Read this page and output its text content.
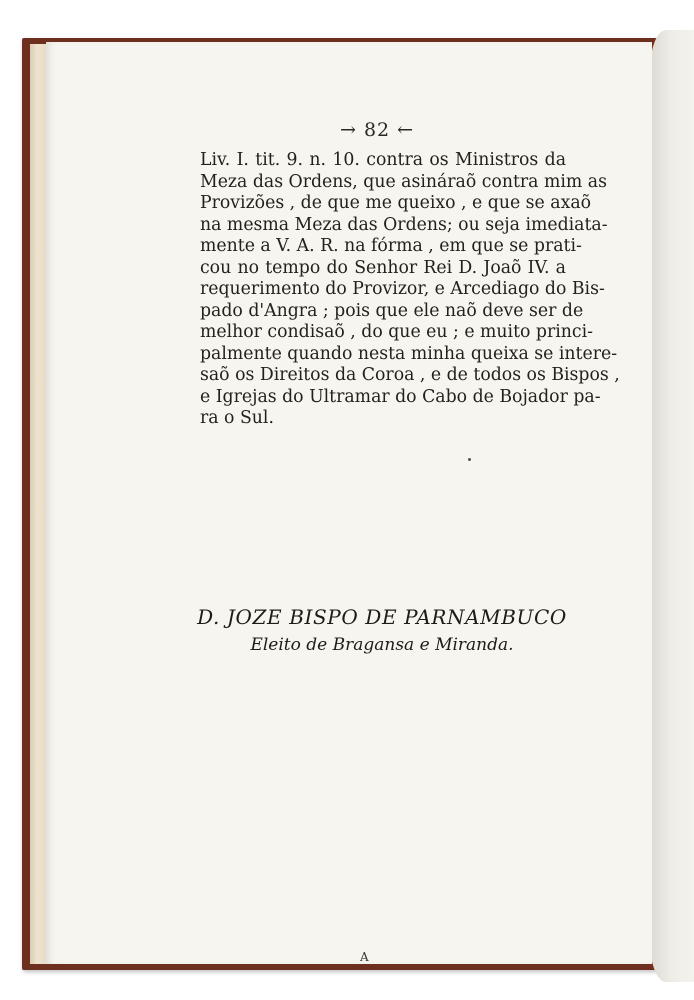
→ 82 ←
Liv. I. tit. 9. n. 10. contra os Ministros da
Meza das Ordens, que asináraõ contra mim as
Provizões , de que me queixo , e que se axaõ
na mesma Meza das Ordens; ou seja imediata-
mente a V. A. R. na fórma , em que se prati-
cou no tempo do Senhor Rei D. Joaõ IV. a
requerimento do Provizor, e Arcediago do Bis-
pado d'Angra ; pois que ele naõ deve ser de
melhor condisaõ , do que eu ; e muito princi-
palmente quando nesta minha queixa se intere-
saõ os Direitos da Coroa , e de todos os Bispos ,
e Igrejas do Ultramar do Cabo de Bojador pa-
ra o Sul.
D. JOZE BISPO DE PARNAMBUCO
Eleito de Bragansa e Miranda.
A
